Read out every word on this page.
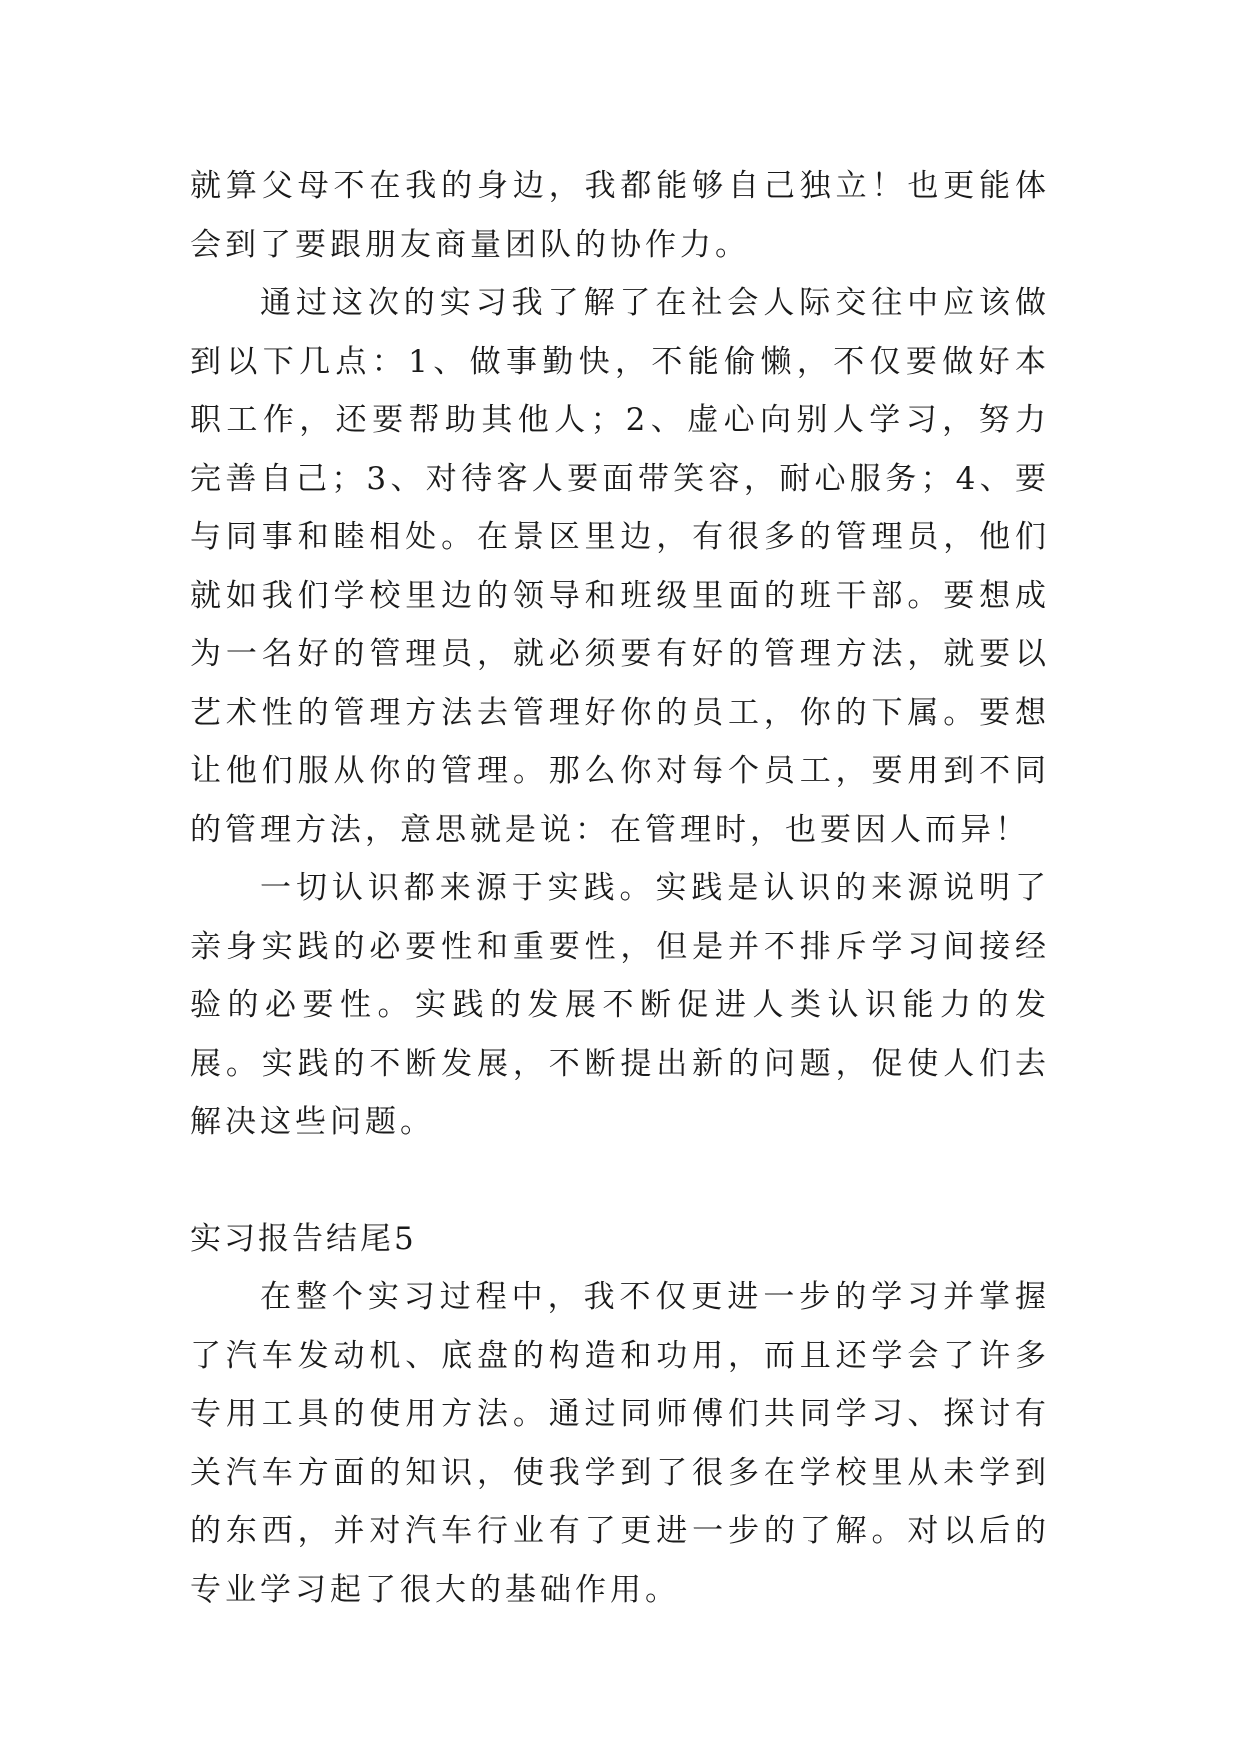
就算父母不在我的身边，我都能够自己独立！也更能体会到了要跟朋友商量团队的协作力。

通过这次的实习我了解了在社会人际交往中应该做到以下几点：1、做事勤快，不能偷懒，不仅要做好本职工作，还要帮助其他人；2、虚心向别人学习，努力完善自己；3、对待客人要面带笑容，耐心服务；4、要与同事和睦相处。在景区里边，有很多的管理员，他们就如我们学校里边的领导和班级里面的班干部。要想成为一名好的管理员，就必须要有好的管理方法，就要以艺术性的管理方法去管理好你的员工，你的下属。要想让他们服从你的管理。那么你对每个员工，要用到不同的管理方法，意思就是说：在管理时，也要因人而异！

一切认识都来源于实践。实践是认识的来源说明了亲身实践的必要性和重要性，但是并不排斥学习间接经验的必要性。实践的发展不断促进人类认识能力的发展。实践的不断发展，不断提出新的问题，促使人们去解决这些问题。

实习报告结尾5

在整个实习过程中，我不仅更进一步的学习并掌握了汽车发动机、底盘的构造和功用，而且还学会了许多专用工具的使用方法。通过同师傅们共同学习、探讨有关汽车方面的知识，使我学到了很多在学校里从未学到的东西，并对汽车行业有了更进一步的了解。对以后的专业学习起了很大的基础作用。
